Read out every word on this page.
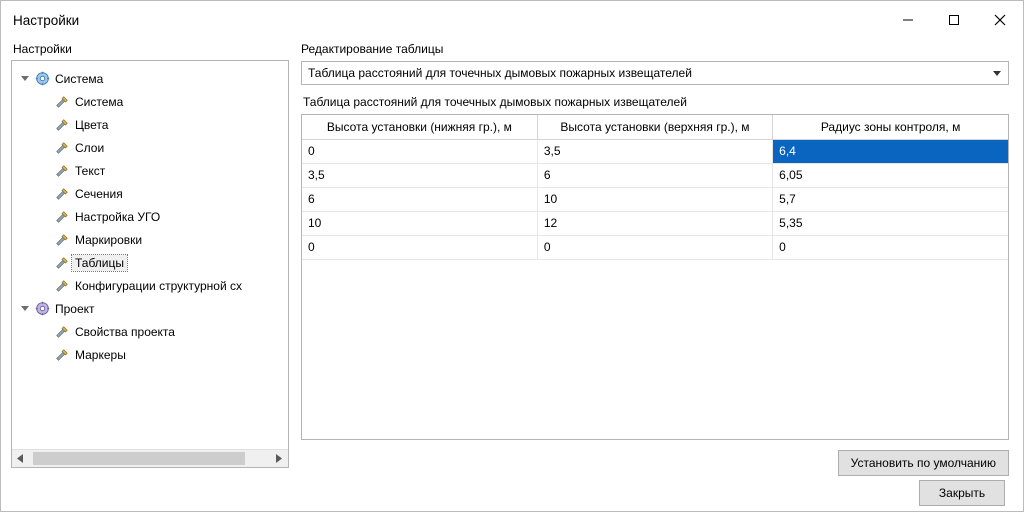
Настройки
Настройки
Система
Система
Цвета
Слои
Текст
Сечения
Настройка УГО
Маркировки
Таблицы
Конфигурации структурной сх
Проект
Свойства проекта
Маркеры
Редактирование таблицы
Таблица расстояний для точечных дымовых пожарных извещателей
Таблица расстояний для точечных дымовых пожарных извещателей
Высота установки (нижняя гр.), м	Высота установки (верхняя гр.), м	Радиус зоны контроля, м
0	3,5	6,4
3,5	6	6,05
6	10	5,7
10	12	5,35
0	0	0
Установить по умолчанию
Закрыть
